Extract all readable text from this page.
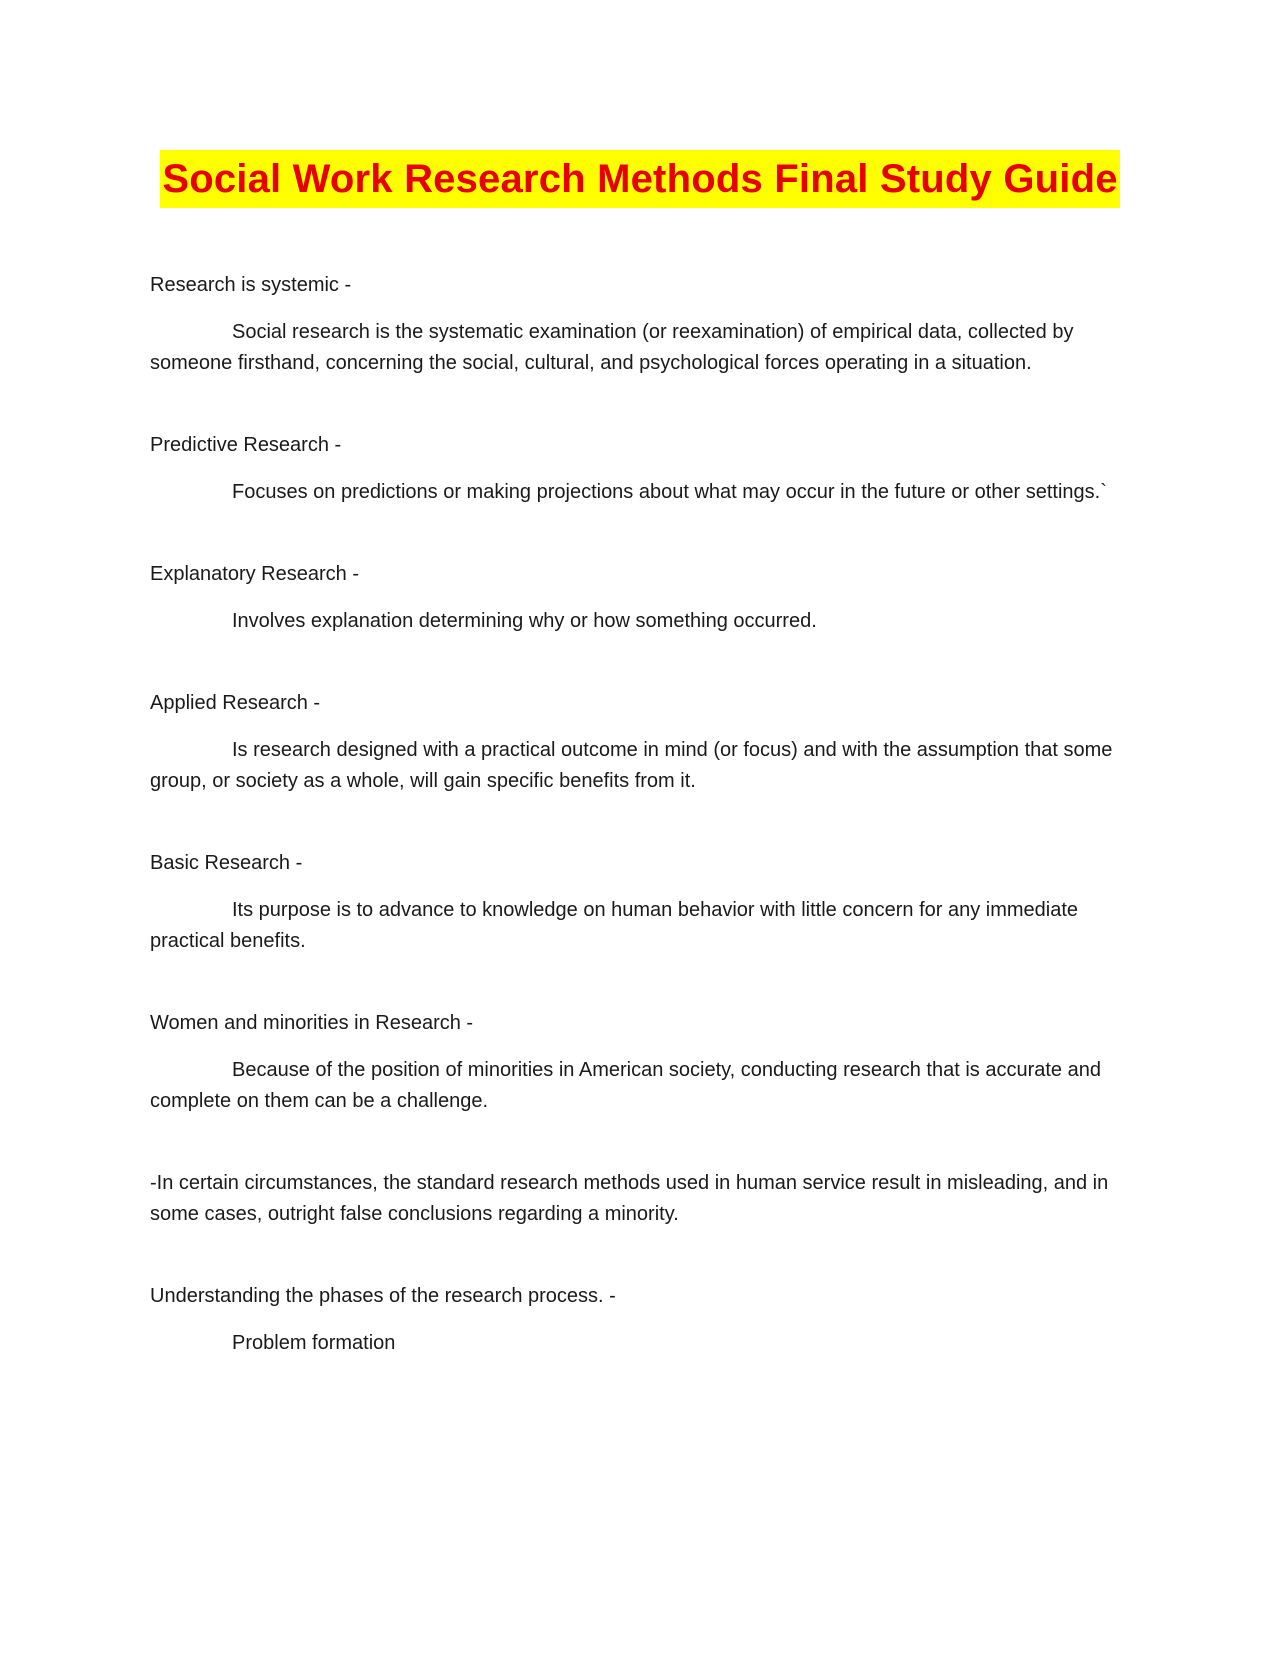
Social Work Research Methods Final Study Guide

Research is systemic -

Social research is the systematic examination (or reexamination) of empirical data, collected by someone firsthand, concerning the social, cultural, and psychological forces operating in a situation.

Predictive Research -

Focuses on predictions or making projections about what may occur in the future or other settings.`

Explanatory Research -

Involves explanation determining why or how something occurred.

Applied Research -

Is research designed with a practical outcome in mind (or focus) and with the assumption that some group, or society as a whole, will gain specific benefits from it.

Basic Research -

Its purpose is to advance to knowledge on human behavior with little concern for any immediate practical benefits.

Women and minorities in Research -

Because of the position of minorities in American society, conducting research that is accurate and complete on them can be a challenge.

-In certain circumstances, the standard research methods used in human service result in misleading, and in some cases, outright false conclusions regarding a minority.

Understanding the phases of the research process. -

Problem formation
